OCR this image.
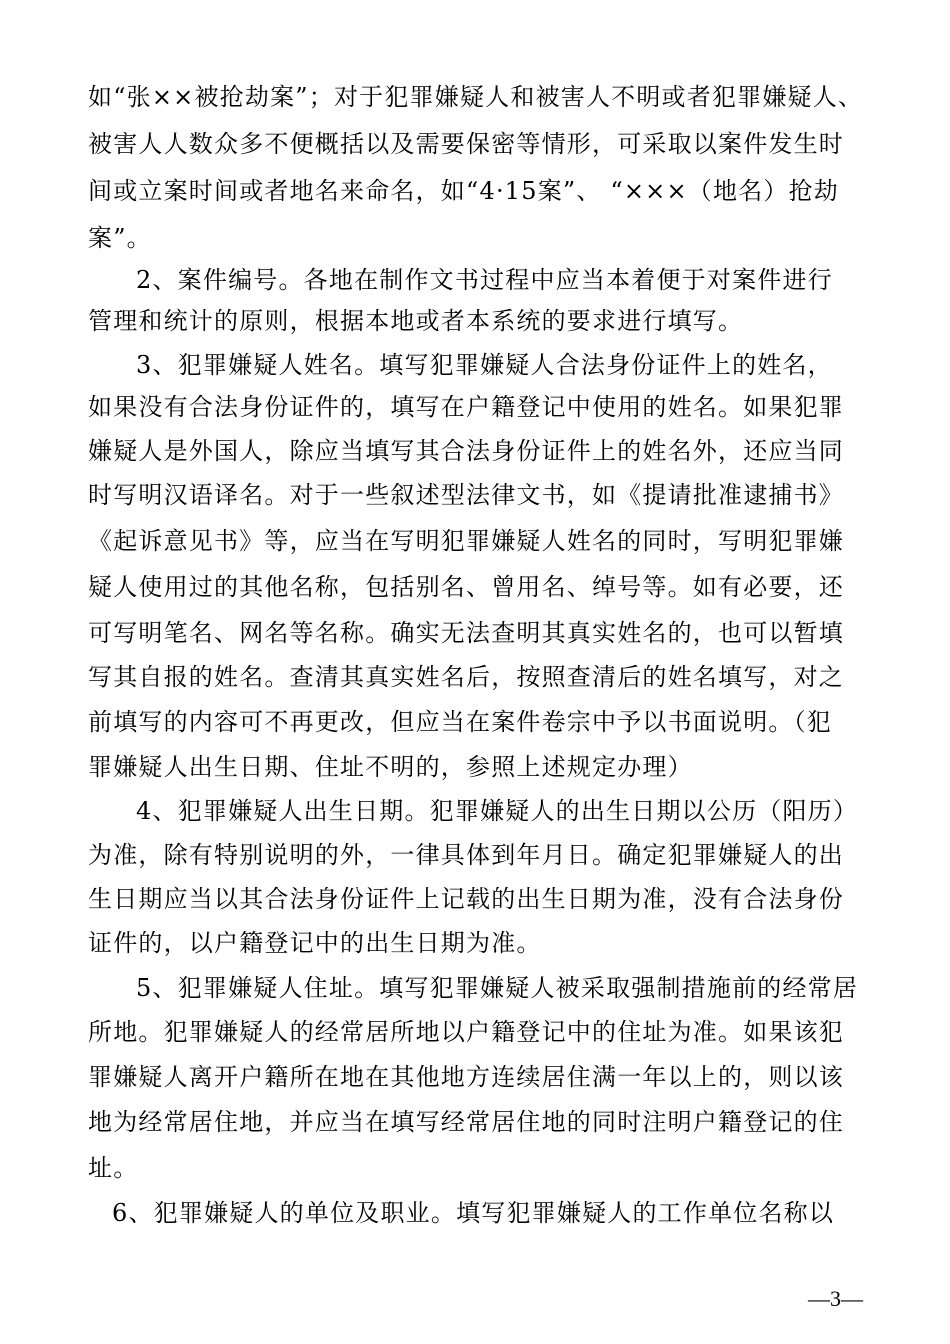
如“张××被抢劫案”；对于犯罪嫌疑人和被害人不明或者犯罪嫌疑人、
被害人人数众多不便概括以及需要保密等情形，可采取以案件发生时
间或立案时间或者地名来命名，如“4·15案”、 “×××（地名）抢劫
案”。
2、案件编号。各地在制作文书过程中应当本着便于对案件进行
管理和统计的原则，根据本地或者本系统的要求进行填写。
3、犯罪嫌疑人姓名。填写犯罪嫌疑人合法身份证件上的姓名，
如果没有合法身份证件的，填写在户籍登记中使用的姓名。如果犯罪
嫌疑人是外国人，除应当填写其合法身份证件上的姓名外，还应当同
时写明汉语译名。对于一些叙述型法律文书，如《提请批准逮捕书》
《起诉意见书》等，应当在写明犯罪嫌疑人姓名的同时，写明犯罪嫌
疑人使用过的其他名称，包括别名、曾用名、绰号等。如有必要，还
可写明笔名、网名等名称。确实无法查明其真实姓名的，也可以暂填
写其自报的姓名。查清其真实姓名后，按照查清后的姓名填写，对之
前填写的内容可不再更改，但应当在案件卷宗中予以书面说明。（犯
罪嫌疑人出生日期、住址不明的，参照上述规定办理）
4、犯罪嫌疑人出生日期。犯罪嫌疑人的出生日期以公历（阳历）
为准，除有特别说明的外，一律具体到年月日。确定犯罪嫌疑人的出
生日期应当以其合法身份证件上记载的出生日期为准，没有合法身份
证件的，以户籍登记中的出生日期为准。
5、犯罪嫌疑人住址。填写犯罪嫌疑人被采取强制措施前的经常居
所地。犯罪嫌疑人的经常居所地以户籍登记中的住址为准。如果该犯
罪嫌疑人离开户籍所在地在其他地方连续居住满一年以上的，则以该
地为经常居住地，并应当在填写经常居住地的同时注明户籍登记的住
址。
6、犯罪嫌疑人的单位及职业。填写犯罪嫌疑人的工作单位名称以
—3—
